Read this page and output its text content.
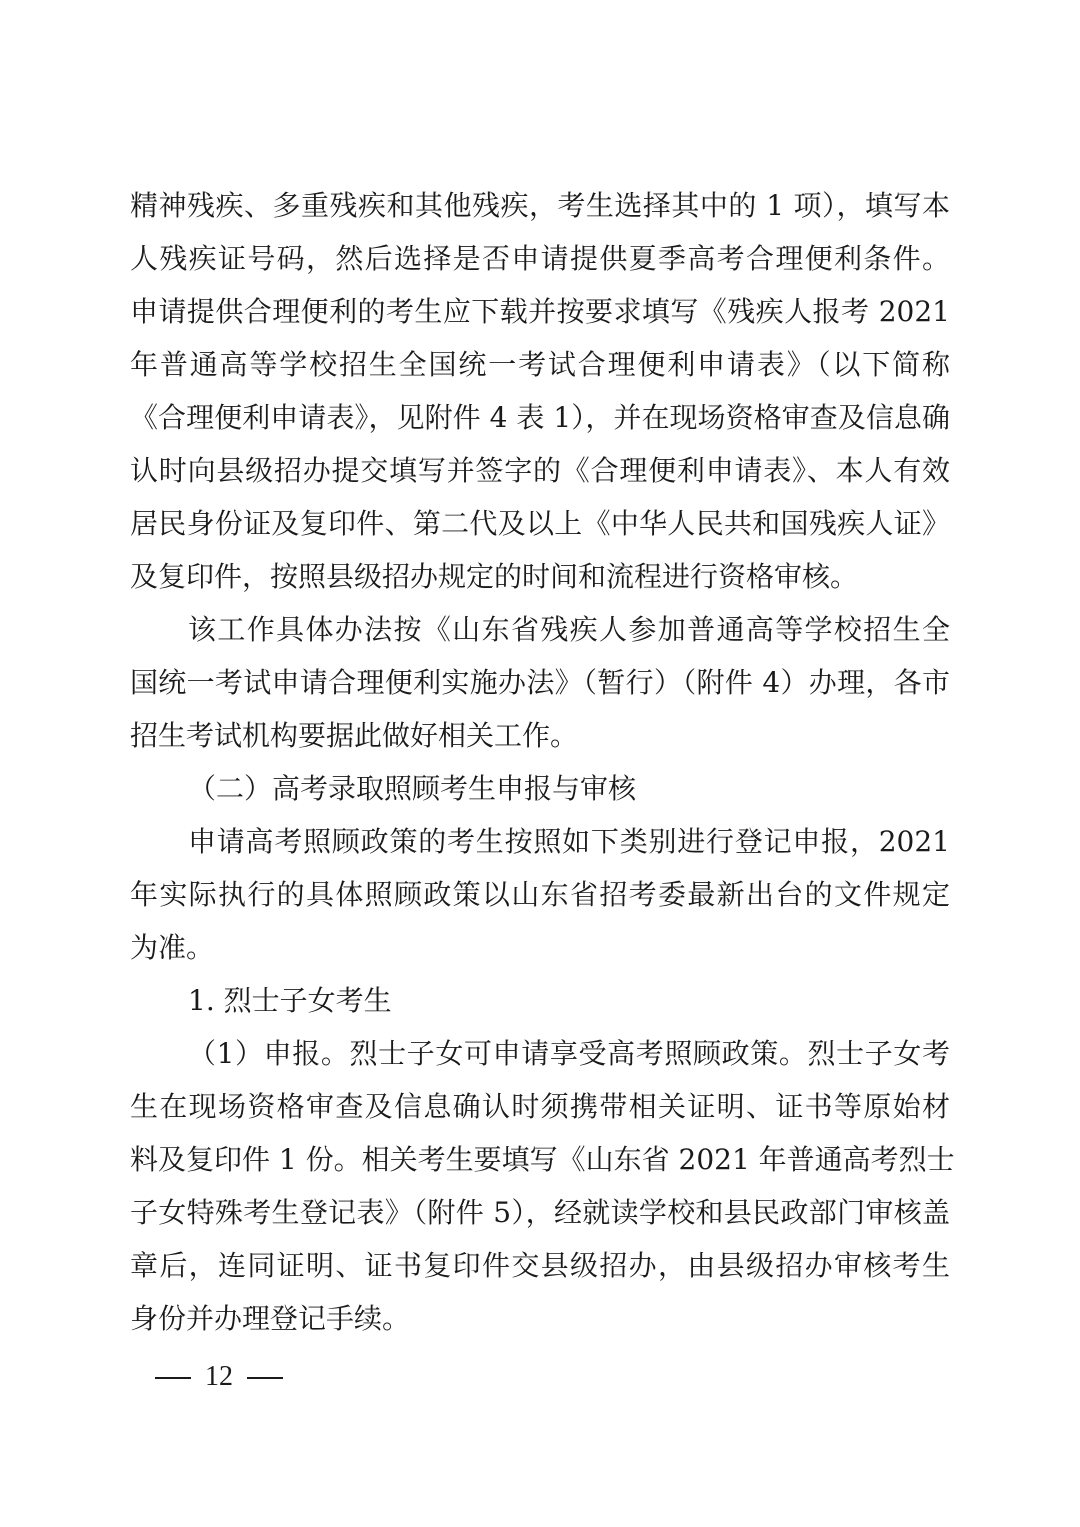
精神残疾、多重残疾和其他残疾，考生选择其中的 1 项），填写本
人残疾证号码，然后选择是否申请提供夏季高考合理便利条件。
申请提供合理便利的考生应下载并按要求填写《残疾人报考 2021
年普通高等学校招生全国统一考试合理便利申请表》（以下简称
《合理便利申请表》，见附件 4 表 1），并在现场资格审查及信息确
认时向县级招办提交填写并签字的《合理便利申请表》、本人有效
居民身份证及复印件、第二代及以上《中华人民共和国残疾人证》
及复印件，按照县级招办规定的时间和流程进行资格审核。
该工作具体办法按《山东省残疾人参加普通高等学校招生全
国统一考试申请合理便利实施办法》（暂行）（附件 4）办理，各市
招生考试机构要据此做好相关工作。
（二）高考录取照顾考生申报与审核
申请高考照顾政策的考生按照如下类别进行登记申报，2021
年实际执行的具体照顾政策以山东省招考委最新出台的文件规定
为准。
1. 烈士子女考生
（1）申报。烈士子女可申请享受高考照顾政策。烈士子女考
生在现场资格审查及信息确认时须携带相关证明、证书等原始材
料及复印件 1 份。相关考生要填写《山东省 2021 年普通高考烈士
子女特殊考生登记表》（附件 5），经就读学校和县民政部门审核盖
章后，连同证明、证书复印件交县级招办，由县级招办审核考生
身份并办理登记手续。
12
